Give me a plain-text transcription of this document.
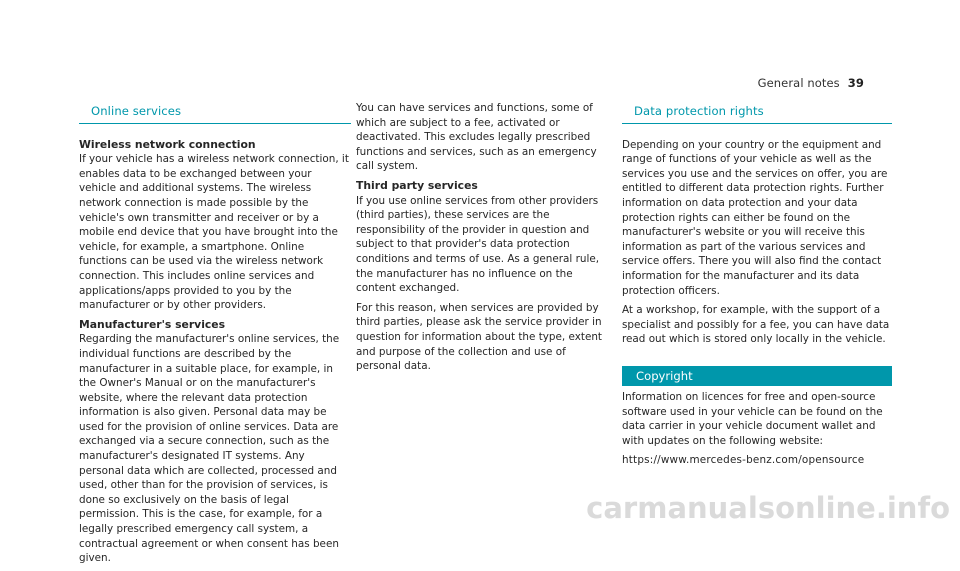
General notes 39
Online services
Wireless network connection

If your vehicle has a wireless network connection, it enables data to be exchanged between your vehicle and additional systems. The wireless network connection is made possible by the vehicle's own transmitter and receiver or by a mobile end device that you have brought into the vehicle, for example, a smartphone. Online functions can be used via the wireless network connection. This includes online services and applications/apps provided to you by the manufacturer or by other providers.

Manufacturer's services

Regarding the manufacturer's online services, the individual functions are described by the manufacturer in a suitable place, for example, in the Owner's Manual or on the manufacturer's website, where the relevant data protection information is also given. Personal data may be used for the provision of online services. Data are exchanged via a secure connection, such as the manufacturer's designated IT systems. Any personal data which are collected, processed and used, other than for the provision of services, is done so exclusively on the basis of legal permission. This is the case, for example, for a legally prescribed emergency call system, a contractual agreement or when consent has been given.

You can have services and functions, some of which are subject to a fee, activated or deactivated. This excludes legally prescribed functions and services, such as an emergency call system.

Third party services

If you use online services from other providers (third parties), these services are the responsibility of the provider in question and subject to that provider's data protection conditions and terms of use. As a general rule, the manufacturer has no influence on the content exchanged.

For this reason, when services are provided by third parties, please ask the service provider in question for information about the type, extent and purpose of the collection and use of personal data.

Data protection rights

Depending on your country or the equipment and range of functions of your vehicle as well as the services you use and the services on offer, you are entitled to different data protection rights. Further information on data protection and your data protection rights can either be found on the manufacturer's website or you will receive this information as part of the various services and service offers. There you will also find the contact information for the manufacturer and its data protection officers.

At a workshop, for example, with the support of a specialist and possibly for a fee, you can have data read out which is stored only locally in the vehicle.

Copyright

Information on licences for free and open-source software used in your vehicle can be found on the data carrier in your vehicle document wallet and with updates on the following website:

https://www.mercedes-benz.com/opensource

carmanualsonline.info
